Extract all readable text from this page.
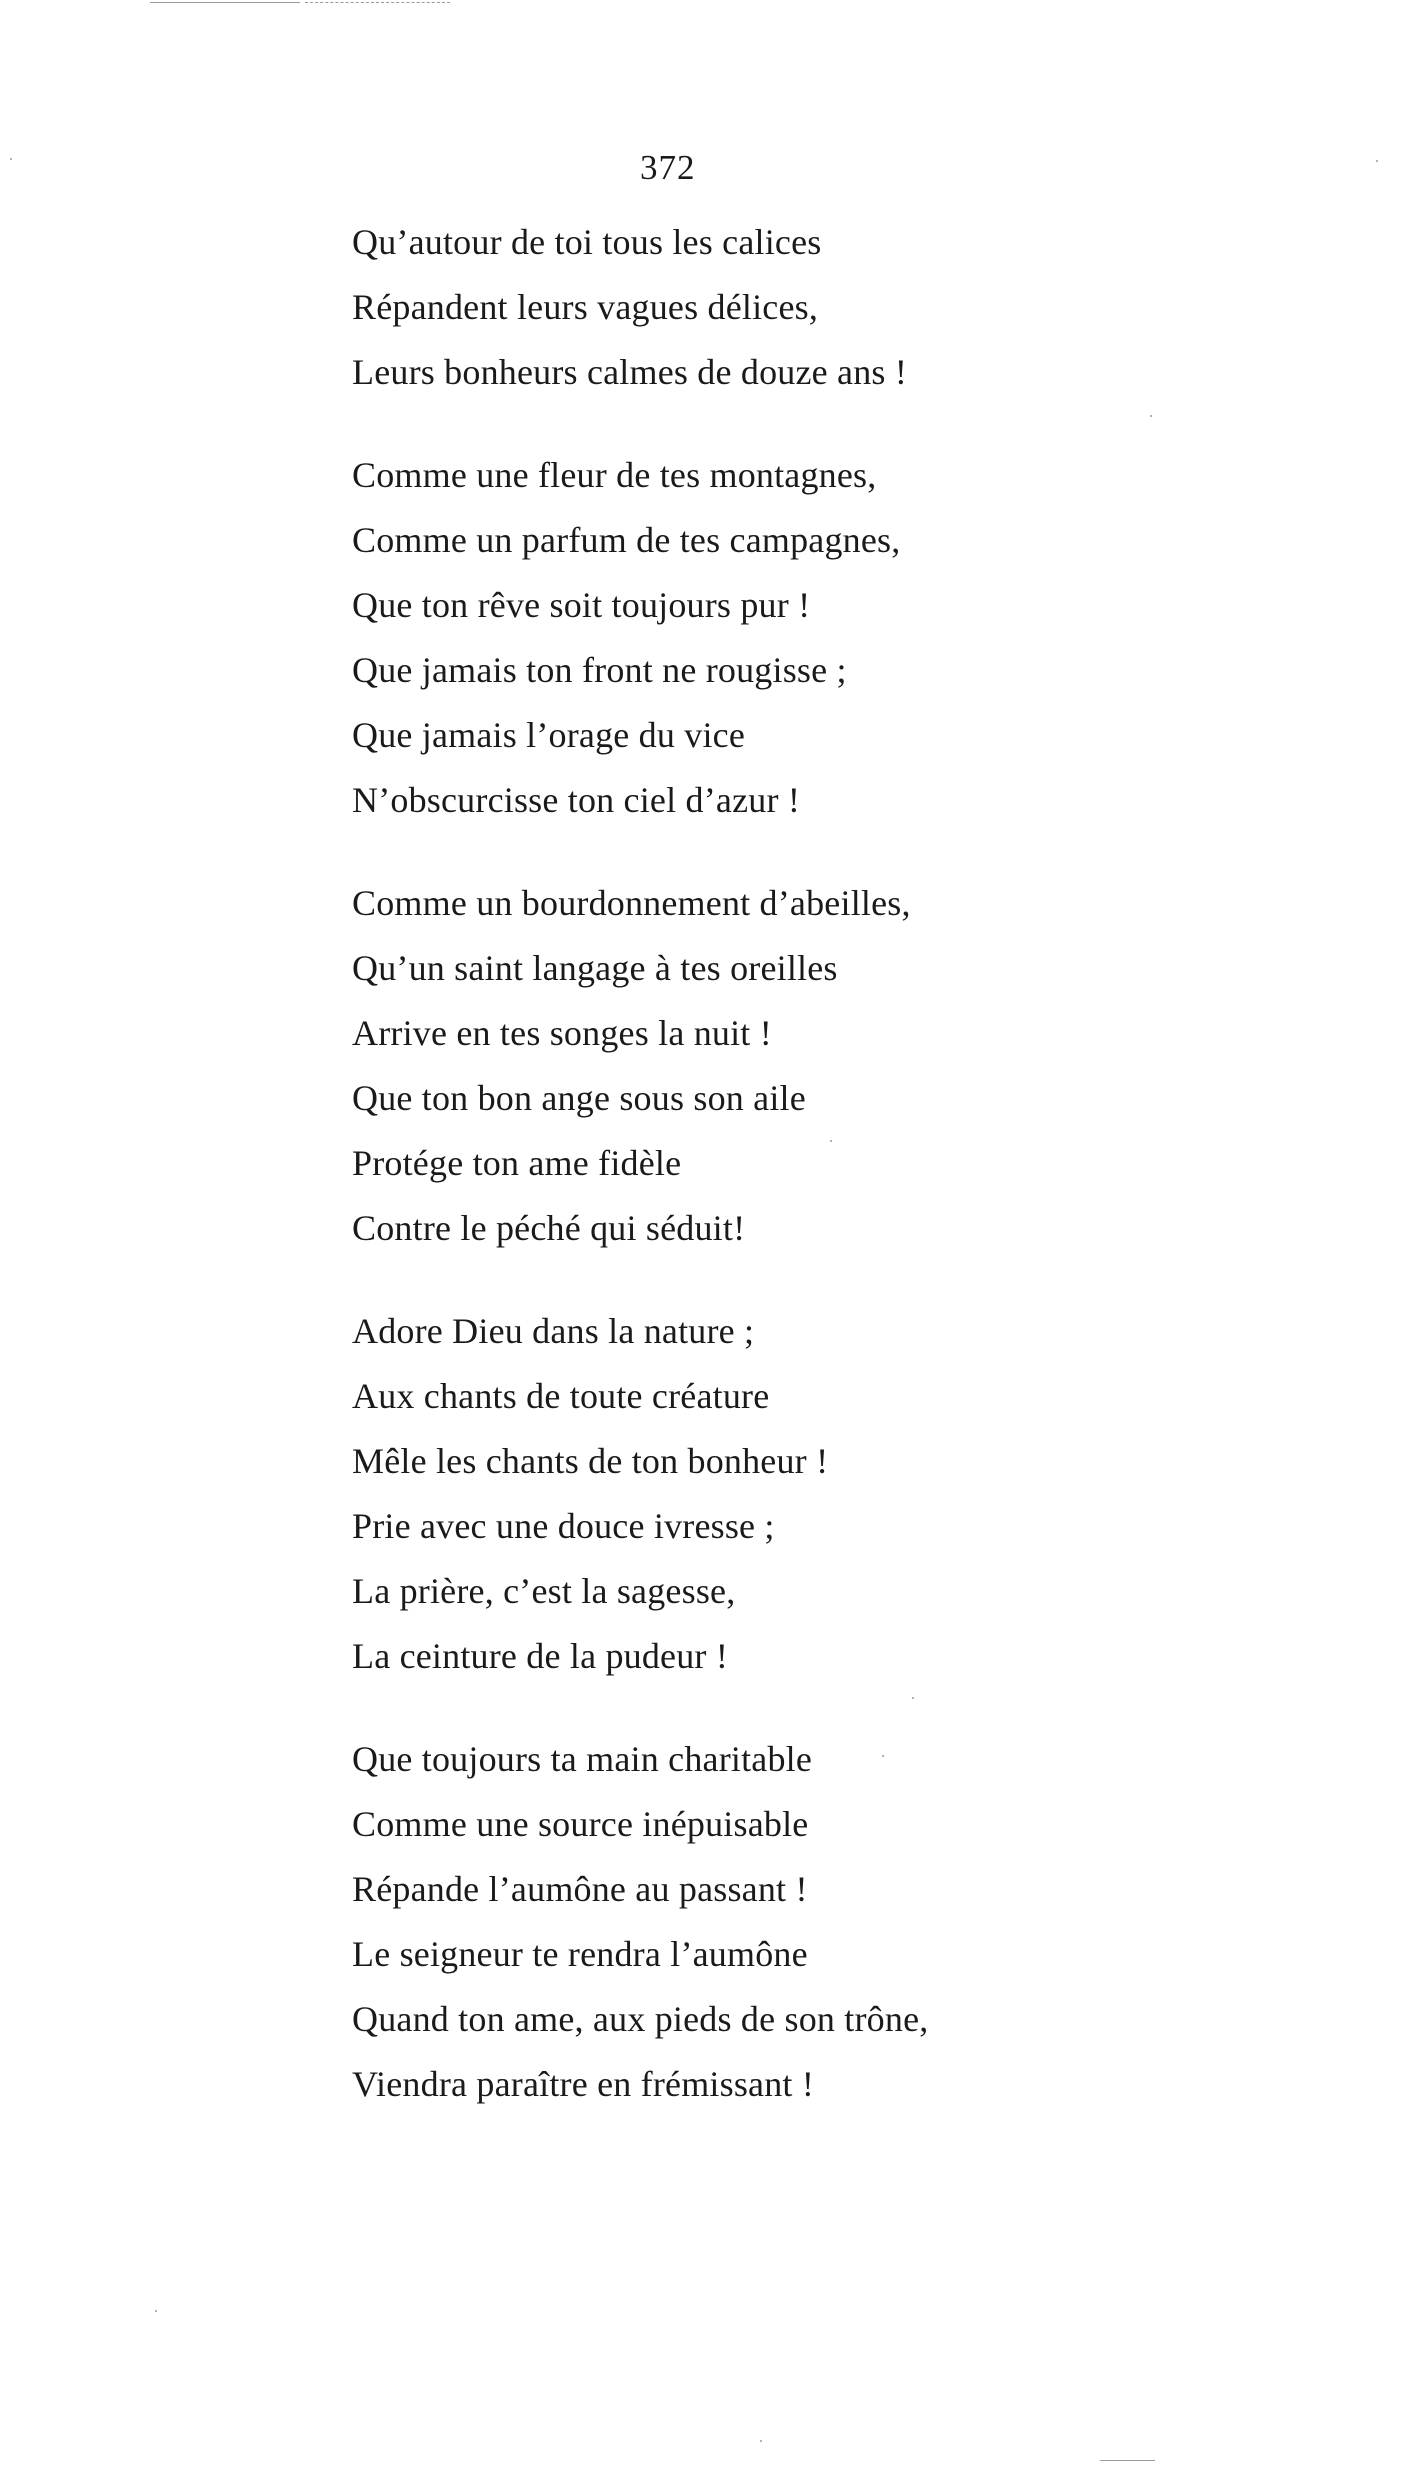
372
Qu’autour de toi tous les calices
Répandent leurs vagues délices,
Leurs bonheurs calmes de douze ans !
Comme une fleur de tes montagnes,
Comme un parfum de tes campagnes,
Que ton rêve soit toujours pur !
Que jamais ton front ne rougisse ;
Que jamais l’orage du vice
N’obscurcisse ton ciel d’azur !
Comme un bourdonnement d’abeilles,
Qu’un saint langage à tes oreilles
Arrive en tes songes la nuit !
Que ton bon ange sous son aile
Protége ton ame fidèle
Contre le péché qui séduit!
Adore Dieu dans la nature ;
Aux chants de toute créature
Mêle les chants de ton bonheur !
Prie avec une douce ivresse ;
La prière, c’est la sagesse,
La ceinture de la pudeur !
Que toujours ta main charitable
Comme une source inépuisable
Répande l’aumône au passant !
Le seigneur te rendra l’aumône
Quand ton ame, aux pieds de son trône,
Viendra paraître en frémissant !
